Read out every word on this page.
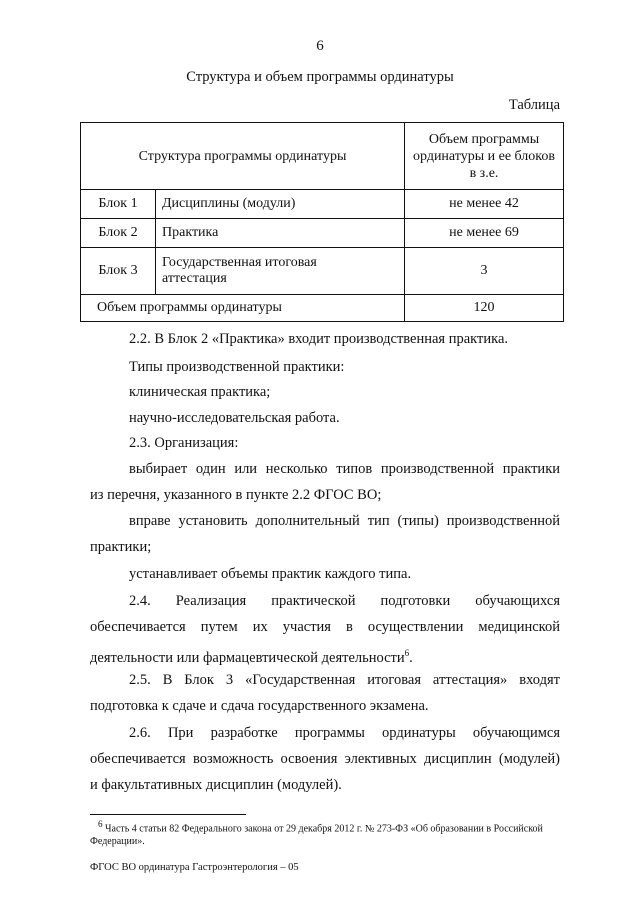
6
Структура и объем программы ординатуры
Таблица
Структура программы ординатуры		Объем программы ординатуры и ее блоков в з.е.
Блок 1	Дисциплины (модули)	не менее 42
Блок 2	Практика	не менее 69
Блок 3	Государственная итоговая аттестация	3
Объем программы ординатуры		120
2.2. В Блок 2 «Практика» входит производственная практика.
Типы производственной практики:
клиническая практика;
научно-исследовательская работа.
2.3. Организация:
выбирает один или несколько типов производственной практики
из перечня, указанного в пункте 2.2 ФГОС ВО;
вправе установить дополнительный тип (типы) производственной
практики;
устанавливает объемы практик каждого типа.
2.4. Реализация практической подготовки обучающихся
обеспечивается путем их участия в осуществлении медицинской
деятельности или фармацевтической деятельности$^6$.
2.5. В Блок 3 «Государственная итоговая аттестация» входят
подготовка к сдаче и сдача государственного экзамена.
2.6. При разработке программы ординатуры обучающимся
обеспечивается возможность освоения элективных дисциплин (модулей)
и факультативных дисциплин (модулей).
$^6$ Часть 4 статьи 82 Федерального закона от 29 декабря 2012 г. № 273-ФЗ «Об образовании в Российской Федерации».
ФГОС ВО ординатура Гастроэнтерология – 05
